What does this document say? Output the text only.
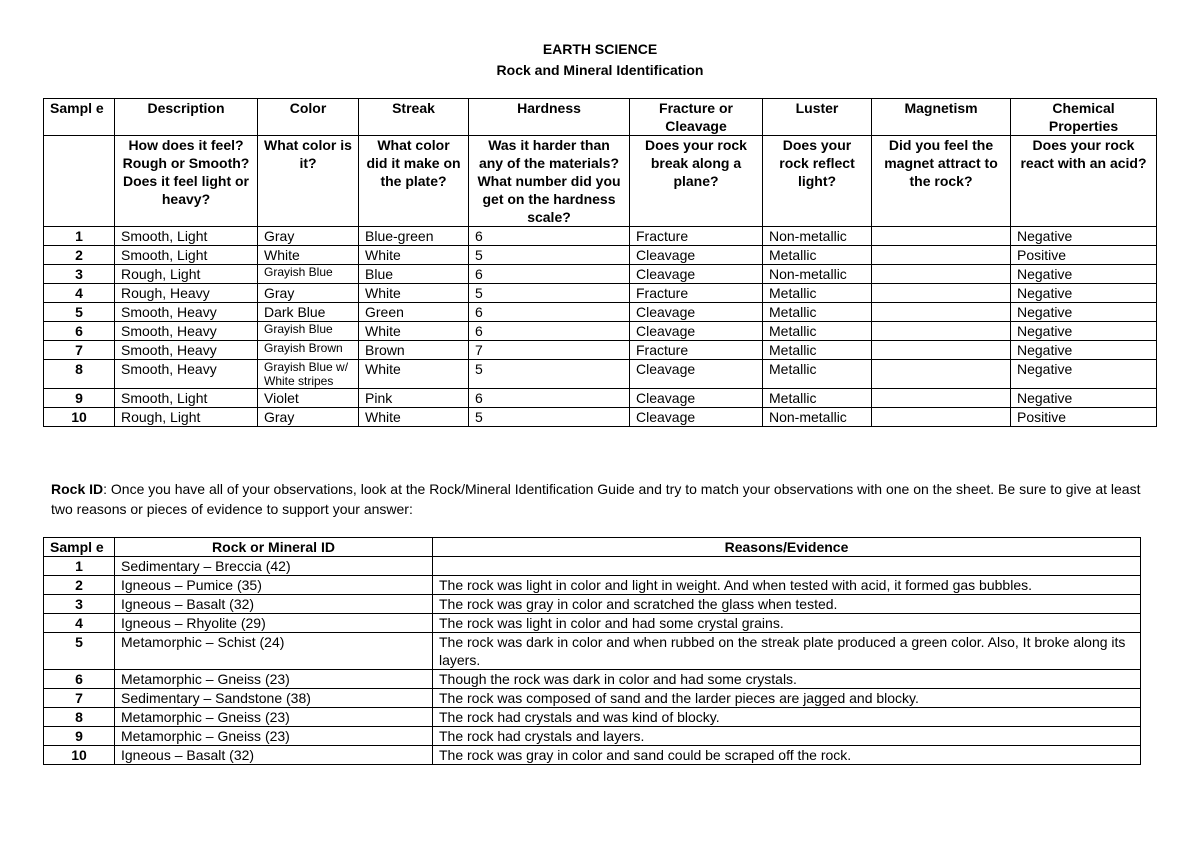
EARTH SCIENCE
Rock and Mineral Identification
Sampl e	Description	Color	Streak	Hardness	Fracture or Cleavage	Luster	Magnetism	Chemical Properties
	How does it feel? Rough or Smooth? Does it feel light or heavy?	What color is it?	What color did it make on the plate?	Was it harder than any of the materials? What number did you get on the hardness scale?	Does your rock break along a plane?	Does your rock reflect light?	Did you feel the magnet attract to the rock?	Does your rock react with an acid?
1	Smooth, Light	Gray	Blue-green	6	Fracture	Non-metallic		Negative
2	Smooth, Light	White	White	5	Cleavage	Metallic		Positive
3	Rough, Light	Grayish Blue	Blue	6	Cleavage	Non-metallic		Negative
4	Rough, Heavy	Gray	White	5	Fracture	Metallic		Negative
5	Smooth, Heavy	Dark Blue	Green	6	Cleavage	Metallic		Negative
6	Smooth, Heavy	Grayish Blue	White	6	Cleavage	Metallic		Negative
7	Smooth, Heavy	Grayish Brown	Brown	7	Fracture	Metallic		Negative
8	Smooth, Heavy	Grayish Blue w/ White stripes	White	5	Cleavage	Metallic		Negative
9	Smooth, Light	Violet	Pink	6	Cleavage	Metallic		Negative
10	Rough, Light	Gray	White	5	Cleavage	Non-metallic		Positive
Rock ID: Once you have all of your observations, look at the Rock/Mineral Identification Guide and try to match your observations with one on the sheet. Be sure to give at least two reasons or pieces of evidence to support your answer:
Sampl e	Rock or Mineral ID	Reasons/Evidence
1	Sedimentary – Breccia (42)	
2	Igneous – Pumice (35)	The rock was light in color and light in weight. And when tested with acid, it formed gas bubbles.
3	Igneous – Basalt (32)	The rock was gray in color and scratched the glass when tested.
4	Igneous – Rhyolite (29)	The rock was light in color and had some crystal grains.
5	Metamorphic – Schist (24)	The rock was dark in color and when rubbed on the streak plate produced a green color. Also, It broke along its layers.
6	Metamorphic – Gneiss (23)	Though the rock was dark in color and had some crystals.
7	Sedimentary – Sandstone (38)	The rock was composed of sand and the larder pieces are jagged and blocky.
8	Metamorphic – Gneiss (23)	The rock had crystals and was kind of blocky.
9	Metamorphic – Gneiss (23)	The rock had crystals and layers.
10	Igneous – Basalt (32)	The rock was gray in color and sand could be scraped off the rock.
